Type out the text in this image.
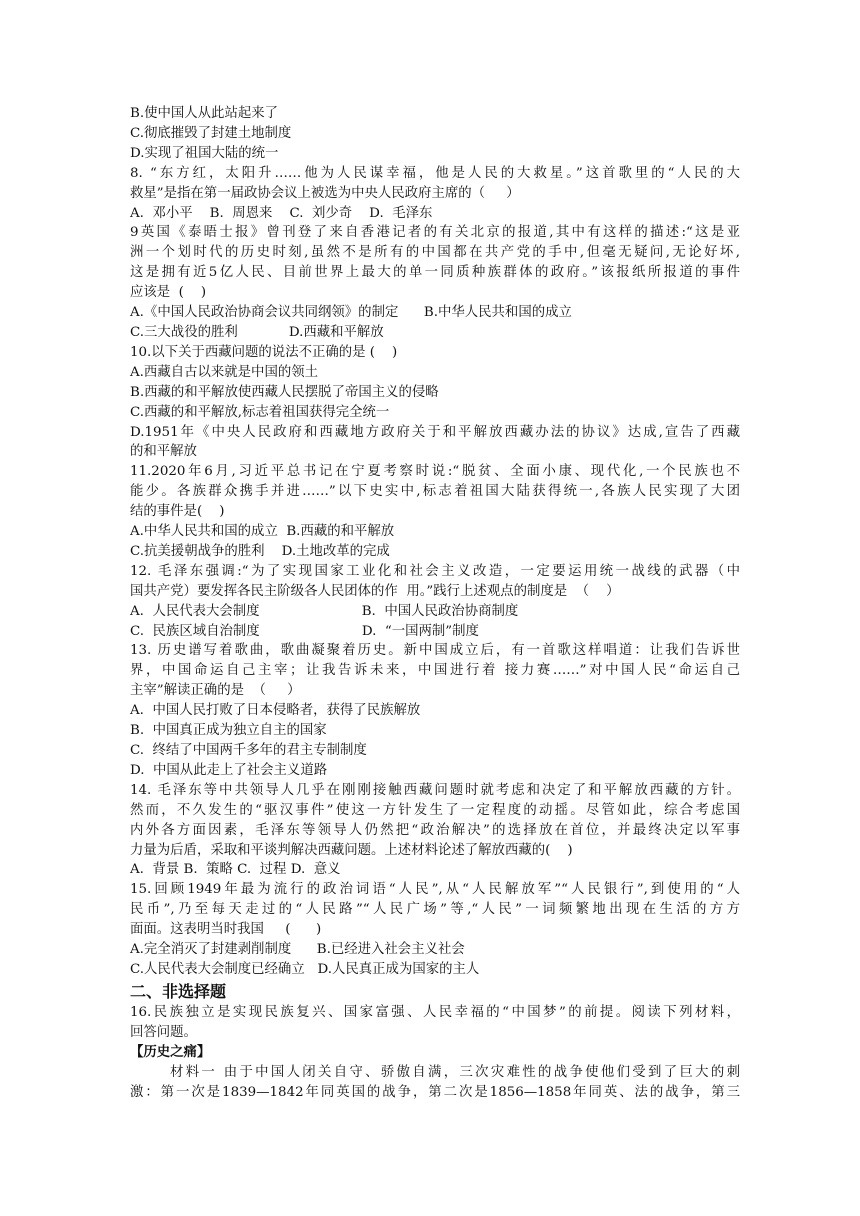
B.使中国人从此站起来了
C.彻底摧毁了封建土地制度
D.实现了祖国大陆的统一
8. “东方红，太阳升……他为人民谋幸福，他是人民的大救星。”这首歌里的“人民的大
救星”是指在第一届政协会议上被选为中央人民政府主席的（     ）
A.  邓小平    B.  周恩来    C.  刘少奇    D.  毛泽东
9英国《泰晤士报》曾刊登了来自香港记者的有关北京的报道,其中有这样的描述:“这是亚
洲一个划时代的历史时刻,虽然不是所有的中国都在共产党的手中,但毫无疑问,无论好坏,
这是拥有近5亿人民、目前世界上最大的单一同质种族群体的政府。”该报纸所报道的事件
应该是  (    )
A.《中国人民政治协商会议共同纲领》的制定      B.中华人民共和国的成立
C.三大战役的胜利            D.西藏和平解放
10.以下关于西藏问题的说法不正确的是 (    )
A.西藏自古以来就是中国的领土
B.西藏的和平解放使西藏人民摆脱了帝国主义的侵略
C.西藏的和平解放,标志着祖国获得完全统一
D.1951年《中央人民政府和西藏地方政府关于和平解放西藏办法的协议》达成,宣告了西藏
的和平解放
11.2020年6月,习近平总书记在宁夏考察时说:“脱贫、全面小康、现代化,一个民族也不
能少。各族群众携手并进……”以下史实中,标志着祖国大陆获得统一,各族人民实现了大团
结的事件是(    )
A.中华人民共和国的成立  B.西藏的和平解放
C.抗美援朝战争的胜利    D.土地改革的完成
12. 毛泽东强调:“为了实现国家工业化和社会主义改造，一定要运用统一战线的武器（中
国共产党）要发挥各民主阶级各人民团体的作  用。”践行上述观点的制度是  （    ）
A.  人民代表大会制度                        B.  中国人民政治协商制度
C.  民族区域自治制度                        D.  “一国两制”制度
13. 历史谱写着歌曲，歌曲凝聚着历史。新中国成立后，有一首歌这样唱道：让我们告诉世
界，中国命运自己主宰；让我告诉未来，中国进行着 接力赛……”对中国人民“命运自己
主宰”解读正确的是  （     ）
A.  中国人民打败了日本侵略者，获得了民族解放
B.  中国真正成为独立自主的国家
C.  终结了中国两千多年的君主专制制度
D.  中国从此走上了社会主义道路
14. 毛泽东等中共领导人几乎在刚刚接触西藏问题时就考虑和决定了和平解放西藏的方针。
然而，不久发生的“驱汉事件”使这一方针发生了一定程度的动摇。尽管如此，综合考虑国
内外各方面因素，毛泽东等领导人仍然把“政治解决”的选择放在首位，并最终决定以军事
力量为后盾，采取和平谈判解决西藏问题。上述材料论述了解放西藏的(    )
A.  背景 B.  策略 C.  过程 D.  意义
15.回顾1949年最为流行的政治词语“人民”,从“人民解放军”“人民银行”,到使用的“人
民币”,乃至每天走过的“人民路”“人民广场”等,“人民”一词频繁地出现在生活的方方
面面。这表明当时我国     (      )
A.完全消灭了封建剥削制度      B.已经进入社会主义社会
C.人民代表大会制度已经确立   D.人民真正成为国家的主人
二、非选择题
16.民族独立是实现民族复兴、国家富强、人民幸福的“中国梦”的前提。阅读下列材料，
回答问题。
【历史之痛】
材料一 由于中国人闭关自守、骄傲自满，三次灾难性的战争使他们受到了巨大的刺
激：第一次是1839—1842年同英国的战争，第二次是1856—1858年同英、法的战争，第三
